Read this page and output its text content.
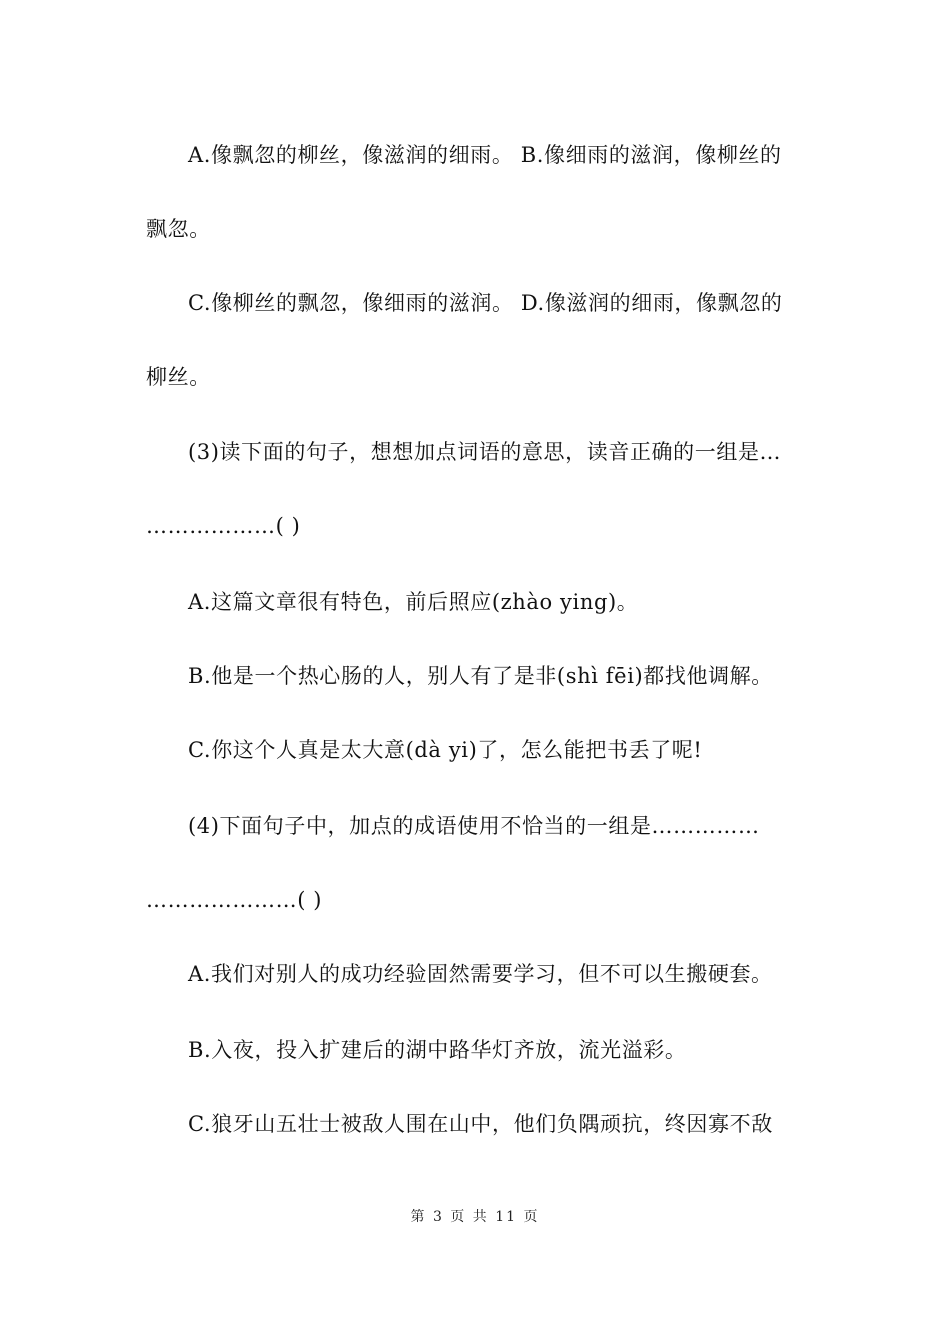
A.像飘忽的柳丝，像滋润的细雨。 B.像细雨的滋润，像柳丝的
飘忽。
C.像柳丝的飘忽，像细雨的滋润。 D.像滋润的细雨，像飘忽的
柳丝。
(3)读下面的句子，想想加点词语的意思，读音正确的一组是…
………………( )
A.这篇文章很有特色，前后照应(zhào ying)。
B.他是一个热心肠的人，别人有了是非(shì fēi)都找他调解。
C.你这个人真是太大意(dà yi)了，怎么能把书丢了呢!
(4)下面句子中，加点的成语使用不恰当的一组是……………
…………………( )
A.我们对别人的成功经验固然需要学习，但不可以生搬硬套。
B.入夜，投入扩建后的湖中路华灯齐放，流光溢彩。
C.狼牙山五壮士被敌人围在山中，他们负隅顽抗，终因寡不敌
第 3 页 共 11 页
